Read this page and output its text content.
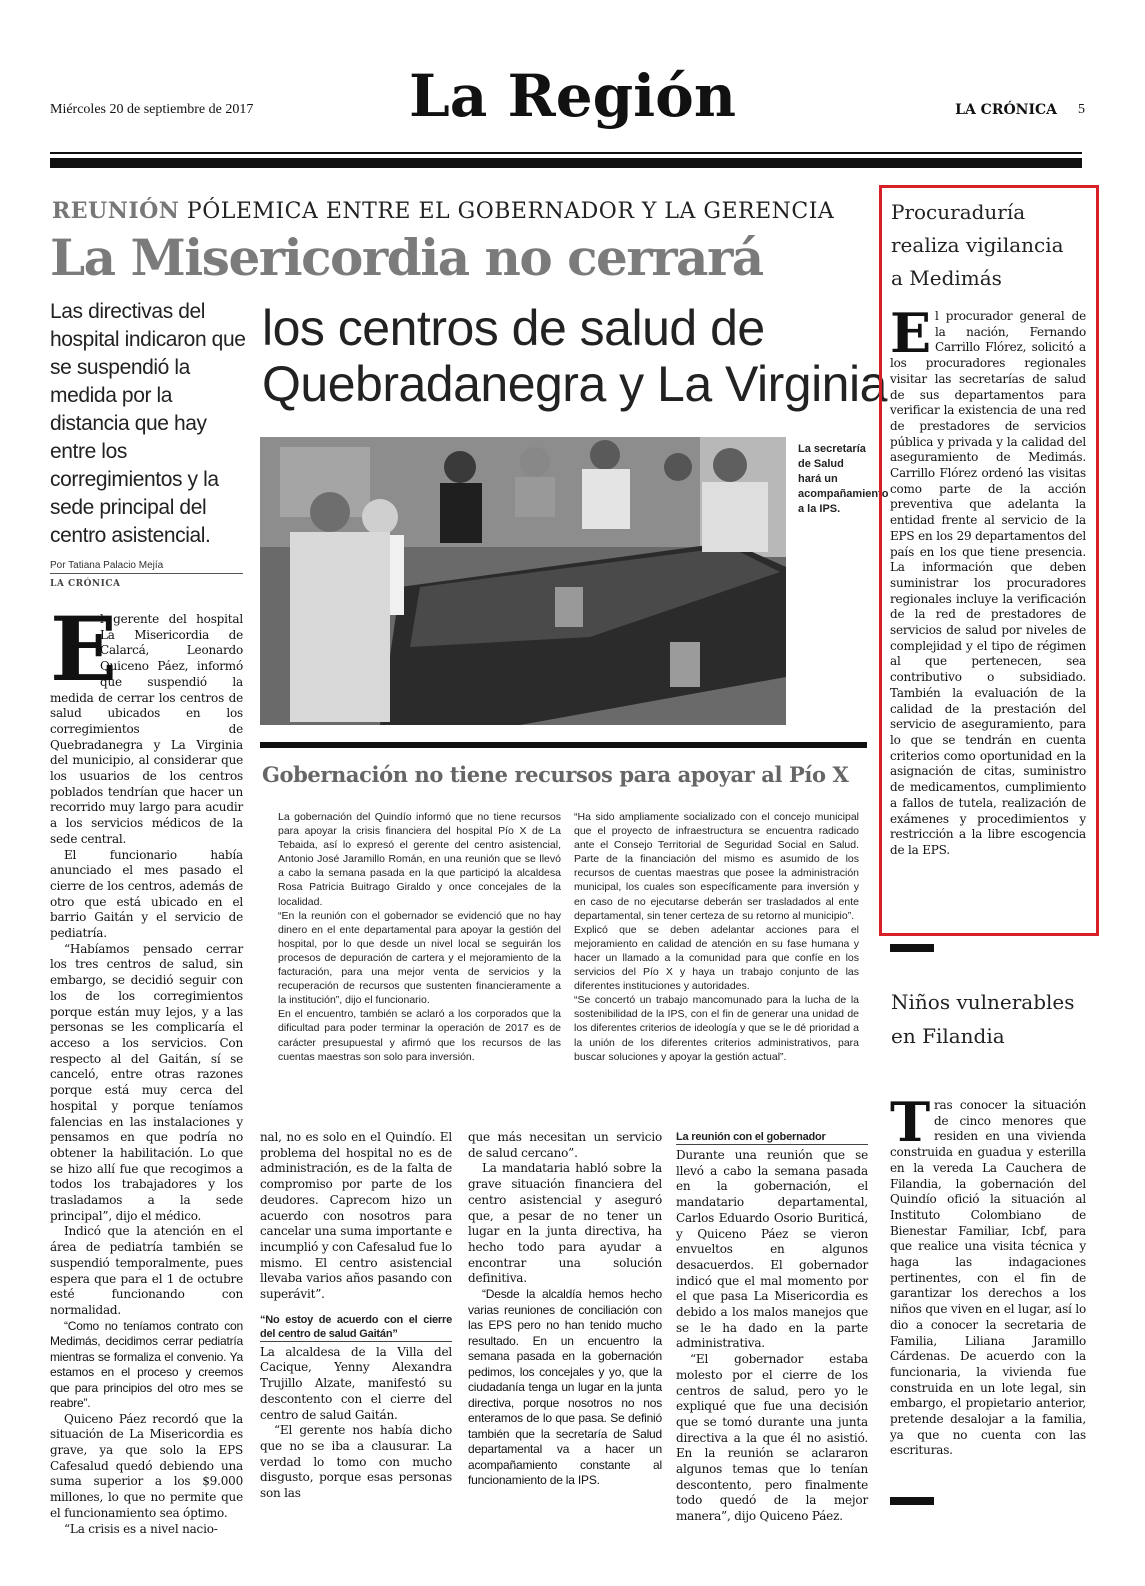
Miércoles 20 de septiembre de 2017	La Región	LA CRÓNICA 5
REUNIÓN PÓLEMICA ENTRE EL GOBERNADOR Y LA GERENCIA
La Misericordia no cerrará
los centros de salud de
Quebradanegra y La Virginia
Las directivas del hospital indicaron que se suspendió la medida por la distancia que hay entre los corregimientos y la sede principal del centro asistencial.
Por Tatiana Palacio Mejía
LA CRÓNICA
La secretaría de Salud hará un acompañamiento a la IPS.
Gobernación no tiene recursos para apoyar al Pío X

La gobernación del Quindío informó que no tiene recursos para apoyar la crisis financiera del hospital Pío X de La Tebaida, así lo expresó el gerente del centro asistencial, Antonio José Jaramillo Román, en una reunión que se llevó a cabo la semana pasada en la que participó la alcaldesa Rosa Patricia Buitrago Giraldo y once concejales de la localidad.

“En la reunión con el gobernador se evidenció que no hay dinero en el ente departamental para apoyar la gestión del hospital, por lo que desde un nivel local se seguirán los procesos de depuración de cartera y el mejoramiento de la facturación, para una mejor venta de servicios y la recuperación de recursos que sustenten financieramente a la institución”, dijo el funcionario.

En el encuentro, también se aclaró a los corporados que la dificultad para poder terminar la operación de 2017 es de carácter presupuestal y afirmó que los recursos de las cuentas maestras son solo para inversión.

“Ha sido ampliamente socializado con el concejo municipal que el proyecto de infraestructura se encuentra radicado ante el Consejo Territorial de Seguridad Social en Salud. Parte de la financiación del mismo es asumido de los recursos de cuentas maestras que posee la administración municipal, los cuales son específicamente para inversión y en caso de no ejecutarse deberán ser trasladados al ente departamental, sin tener certeza de su retorno al municipio”.

Explicó que se deben adelantar acciones para el mejoramiento en calidad de atención en su fase humana y hacer un llamado a la comunidad para que confíe en los servicios del Pío X y haya un trabajo conjunto de las diferentes instituciones y autoridades.

“Se concertó un trabajo mancomunado para la lucha de la sostenibilidad de la IPS, con el fin de generar una unidad de los diferentes criterios de ideología y que se le dé prioridad a la unión de los diferentes criterios administrativos, para buscar soluciones y apoyar la gestión actual”.

E

l gerente del hospital La Misericordia de Calarcá, Leonardo Quiceno Páez, informó que suspendió la medida de cerrar los centros de salud ubicados en los corregimientos de Quebradanegra y La Virginia del municipio, al considerar que los usuarios de los centros poblados tendrían que hacer un recorrido muy largo para acudir a los servicios médicos de la sede central.

El funcionario había anunciado el mes pasado el cierre de los centros, además de otro que está ubicado en el barrio Gaitán y el servicio de pediatría.

“Habíamos pensado cerrar los tres centros de salud, sin embargo, se decidió seguir con los de los corregimientos porque están muy lejos, y a las personas se les complicaría el acceso a los servicios. Con respecto al del Gaitán, sí se canceló, entre otras razones porque está muy cerca del hospital y porque teníamos falencias en las instalaciones y pensamos en que podría no obtener la habilitación. Lo que se hizo allí fue que recogimos a todos los trabajadores y los trasladamos a la sede principal”, dijo el médico.

Indicó que la atención en el área de pediatría también se suspendió temporalmente, pues espera que para el 1 de octubre esté funcionando con normalidad.

“Como no teníamos contrato con Medimás, decidimos cerrar pediatría mientras se formaliza el convenio. Ya estamos en el proceso y creemos que para principios del otro mes se reabre”.

Quiceno Páez recordó que la situación de La Misericordia es grave, ya que solo la EPS Cafesalud quedó debiendo una suma superior a los $9.000 millones, lo que no permite que el funcionamiento sea óptimo.

“La crisis es a nivel nacio-

nal, no es solo en el Quindío. El problema del hospital no es de administración, es de la falta de compromiso por parte de los deudores. Caprecom hizo un acuerdo con nosotros para cancelar una suma importante e incumplió y con Cafesalud fue lo mismo. El centro asistencial llevaba varios años pasando con superávit”.

“No estoy de acuerdo con el cierre del centro de salud Gaitán”

La alcaldesa de la Villa del Cacique, Yenny Alexandra Trujillo Alzate, manifestó su descontento con el cierre del centro de salud Gaitán.

“El gerente nos había dicho que no se iba a clausurar. La verdad lo tomo con mucho disgusto, porque esas personas son las

que más necesitan un servicio de salud cercano”.

La mandataria habló sobre la grave situación financiera del centro asistencial y aseguró que, a pesar de no tener un lugar en la junta directiva, ha hecho todo para ayudar a encontrar una solución definitiva.

“Desde la alcaldía hemos hecho varias reuniones de conciliación con las EPS pero no han tenido mucho resultado. En un encuentro la semana pasada en la gobernación pedimos, los concejales y yo, que la ciudadanía tenga un lugar en la junta directiva, porque nosotros no nos enteramos de lo que pasa. Se definió también que la secretaría de Salud departamental va a hacer un acompañamiento constante al funcionamiento de la IPS.

La reunión con el gobernador

Durante una reunión que se llevó a cabo la semana pasada en la gobernación, el mandatario departamental, Carlos Eduardo Osorio Buriticá, y Quiceno Páez se vieron envueltos en algunos desacuerdos. El gobernador indicó que el mal momento por el que pasa La Misericordia es debido a los malos manejos que se le ha dado en la parte administrativa.

“El gobernador estaba molesto por el cierre de los centros de salud, pero yo le expliqué que fue una decisión que se tomó durante una junta directiva a la que él no asistió. En la reunión se aclararon algunos temas que lo tenían descontento, pero finalmente todo quedó de la mejor manera”, dijo Quiceno Páez.

Procuraduría realiza vigilancia a Medimás
E l procurador general de la nación, Fernando Carrillo Flórez, solicitó a los procuradores regionales visitar las secretarías de salud de sus departamentos para verificar la existencia de una red de prestadores de servicios pública y privada y la calidad del aseguramiento de Medimás. Carrillo Flórez ordenó las visitas como parte de la acción preventiva que adelanta la entidad frente al servicio de la EPS en los 29 departamentos del país en los que tiene presencia. La información que deben suministrar los procuradores regionales incluye la verificación de la red de prestadores de servicios de salud por niveles de complejidad y el tipo de régimen al que pertenecen, sea contributivo o subsidiado. También la evaluación de la calidad de la prestación del servicio de aseguramiento, para lo que se tendrán en cuenta criterios como oportunidad en la asignación de citas, suministro de medicamentos, cumplimiento a fallos de tutela, realización de exámenes y procedimientos y restricción a la libre escogencia de la EPS.

Niños vulnerables en Filandia
T ras conocer la situación de cinco menores que residen en una vivienda construida en guadua y esterilla en la vereda La Cauchera de Filandia, la gobernación del Quindío ofició la situación al Instituto Colombiano de Bienestar Familiar, Icbf, para que realice una visita técnica y haga las indagaciones pertinentes, con el fin de garantizar los derechos a los niños que viven en el lugar, así lo dio a conocer la secretaria de Familia, Liliana Jaramillo Cárdenas. De acuerdo con la funcionaria, la vivienda fue construida en un lote legal, sin embargo, el propietario anterior, pretende desalojar a la familia, ya que no cuenta con las escrituras.
